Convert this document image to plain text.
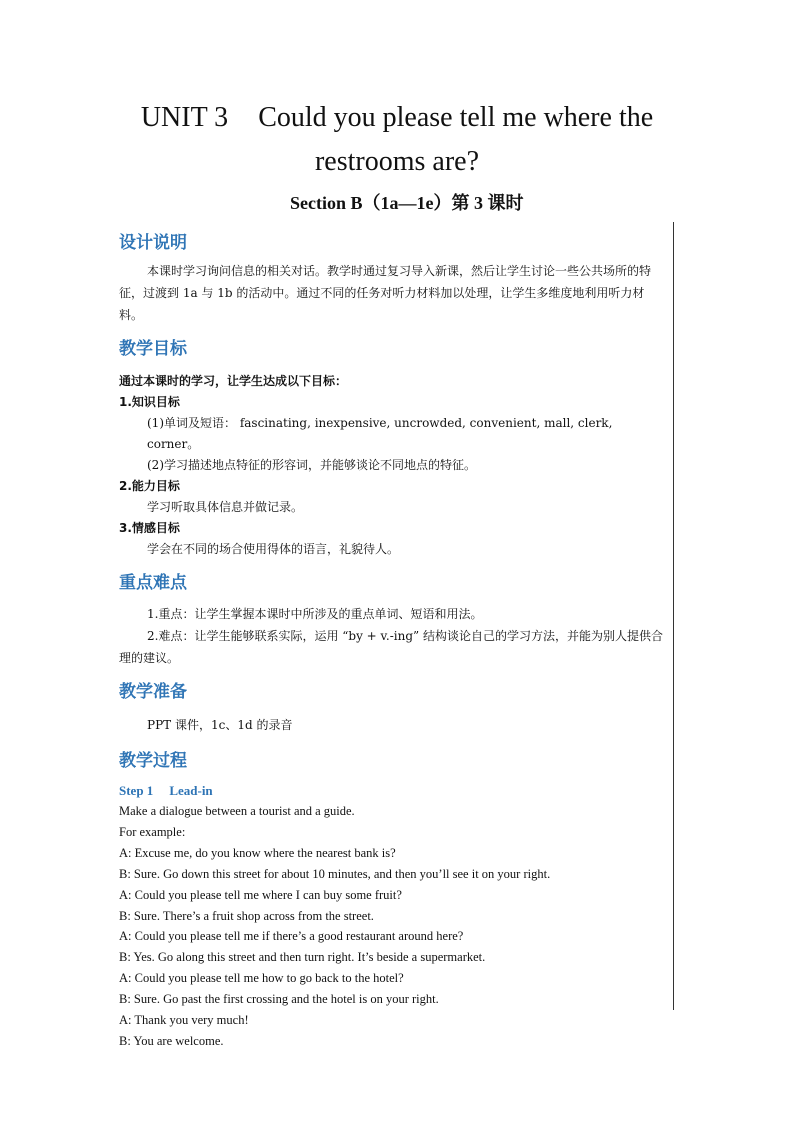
UNIT 3 Could you please tell me where the
restrooms are?
Section B（1a—1e）第 3 课时
设计说明

本课时学习询问信息的相关对话。教学时通过复习导入新课，然后让学生讨论一些公共场所的特征，过渡到 1a 与 1b 的活动中。通过不同的任务对听力材料加以处理，让学生多维度地利用听力材料。

教学目标

通过本课时的学习，让学生达成以下目标：

1.知识目标

(1)单词及短语： fascinating, inexpensive, uncrowded, convenient, mall, clerk, corner。

(2)学习描述地点特征的形容词，并能够谈论不同地点的特征。

2.能力目标

学习听取具体信息并做记录。

3.情感目标

学会在不同的场合使用得体的语言，礼貌待人。

重点难点

1.重点：让学生掌握本课时中所涉及的重点单词、短语和用法。

2.难点：让学生能够联系实际，运用 “by + v.-ing” 结构谈论自己的学习方法，并能为别人提供合理的建议。

教学准备

PPT 课件，1c、1d 的录音

教学过程

Step 1 Lead-in

Make a dialogue between a tourist and a guide.

For example:

A: Excuse me, do you know where the nearest bank is?

B: Sure. Go down this street for about 10 minutes, and then you’ll see it on your right.

A: Could you please tell me where I can buy some fruit?

B: Sure. There’s a fruit shop across from the street.

A: Could you please tell me if there’s a good restaurant around here?

B: Yes. Go along this street and then turn right. It’s beside a supermarket.

A: Could you please tell me how to go back to the hotel?

B: Sure. Go past the first crossing and the hotel is on your right.

A: Thank you very much!

B: You are welcome.
